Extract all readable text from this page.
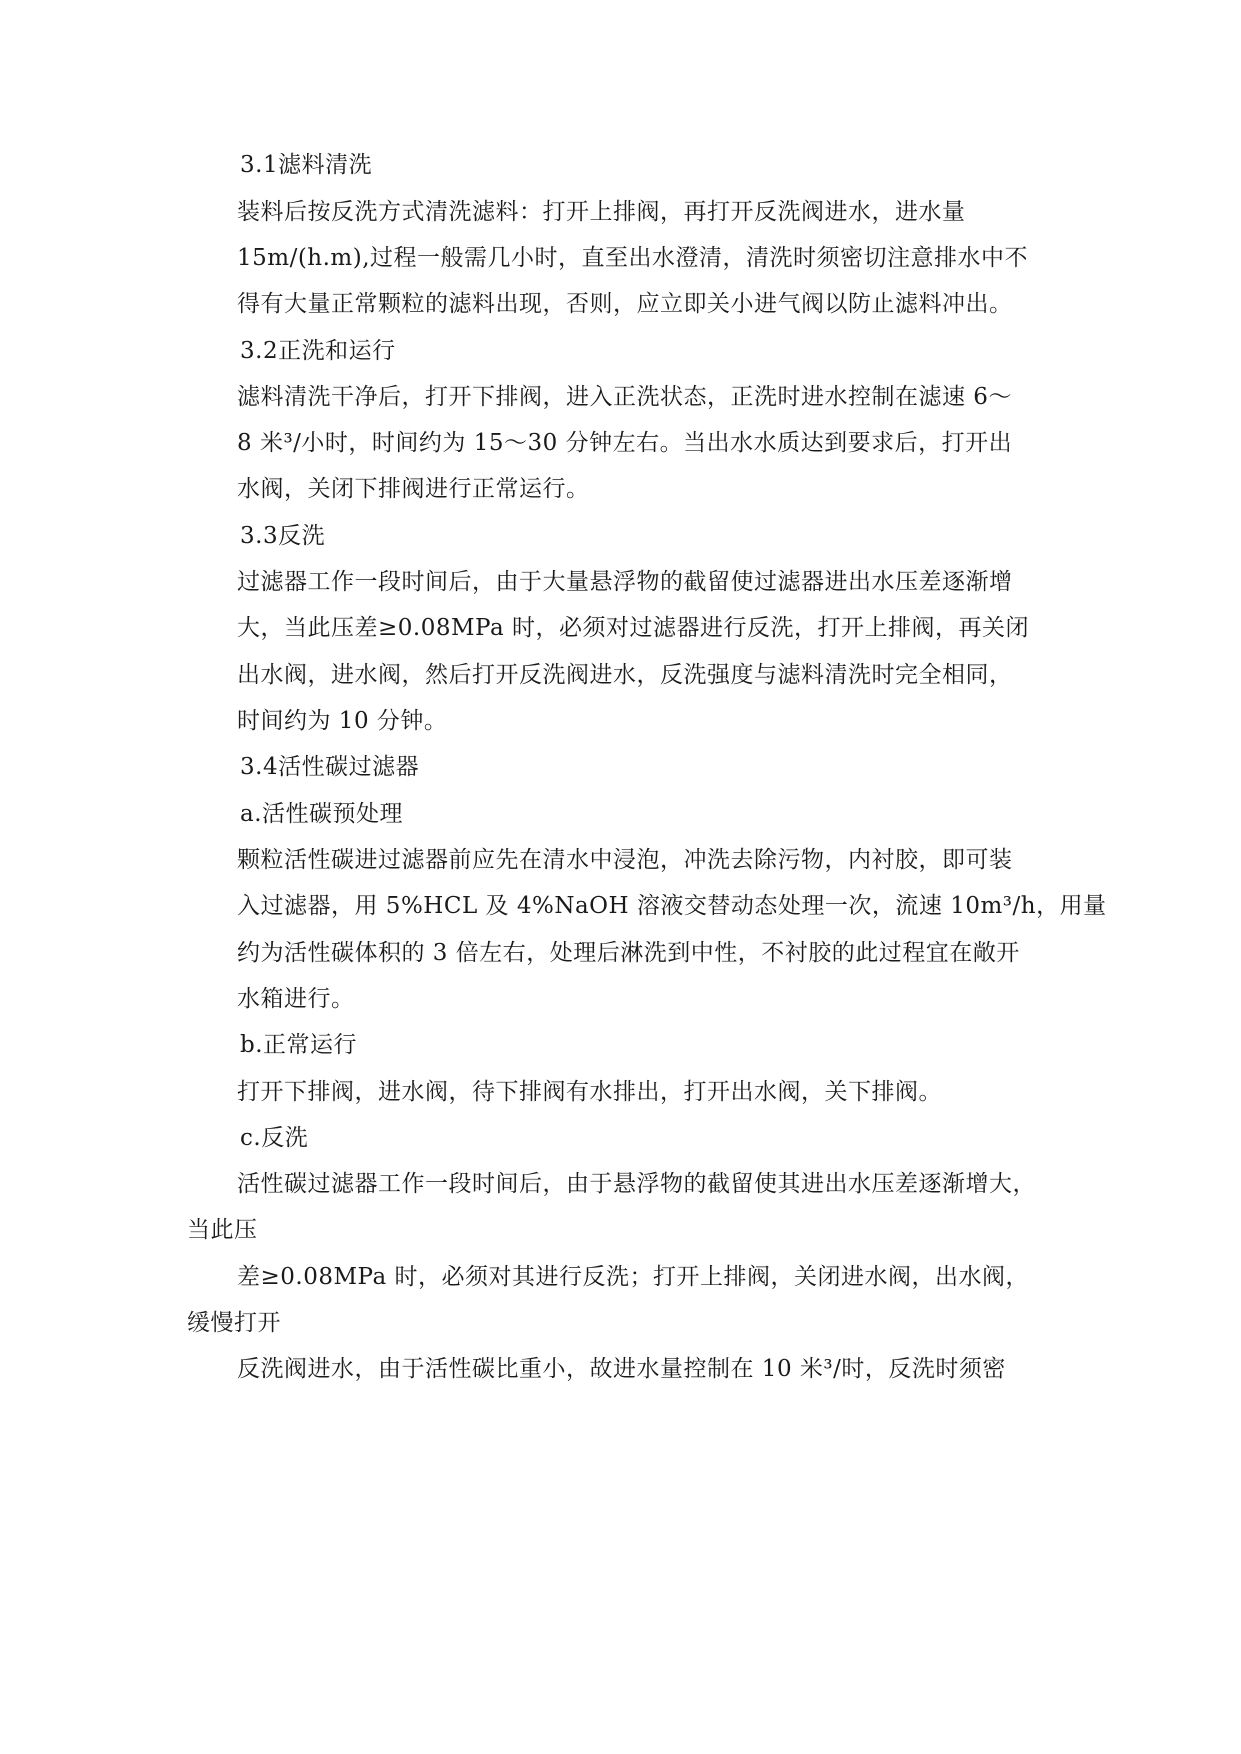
3.1滤料清洗
装料后按反洗方式清洗滤料：打开上排阀，再打开反洗阀进水，进水量
15m/(h.m),过程一般需几小时，直至出水澄清，清洗时须密切注意排水中不
得有大量正常颗粒的滤料出现，否则，应立即关小进气阀以防止滤料冲出。
3.2正洗和运行
滤料清洗干净后，打开下排阀，进入正洗状态，正洗时进水控制在滤速 6～
8 米³/小时，时间约为 15～30 分钟左右。当出水水质达到要求后，打开出
水阀，关闭下排阀进行正常运行。
3.3反洗
过滤器工作一段时间后，由于大量悬浮物的截留使过滤器进出水压差逐渐增
大，当此压差≥0.08MPa 时，必须对过滤器进行反洗，打开上排阀，再关闭
出水阀，进水阀，然后打开反洗阀进水，反洗强度与滤料清洗时完全相同，
时间约为 10 分钟。
3.4活性碳过滤器
a.活性碳预处理
颗粒活性碳进过滤器前应先在清水中浸泡，冲洗去除污物，内衬胶，即可装
入过滤器，用 5%HCL 及 4%NaOH 溶液交替动态处理一次，流速 10m³/h，用量
约为活性碳体积的 3 倍左右，处理后淋洗到中性，不衬胶的此过程宜在敞开
水箱进行。
b.正常运行
打开下排阀，进水阀，待下排阀有水排出，打开出水阀，关下排阀。
c.反洗
活性碳过滤器工作一段时间后，由于悬浮物的截留使其进出水压差逐渐增大，
当此压
差≥0.08MPa 时，必须对其进行反洗；打开上排阀，关闭进水阀，出水阀，
缓慢打开
反洗阀进水，由于活性碳比重小，故进水量控制在 10 米³/时，反洗时须密
